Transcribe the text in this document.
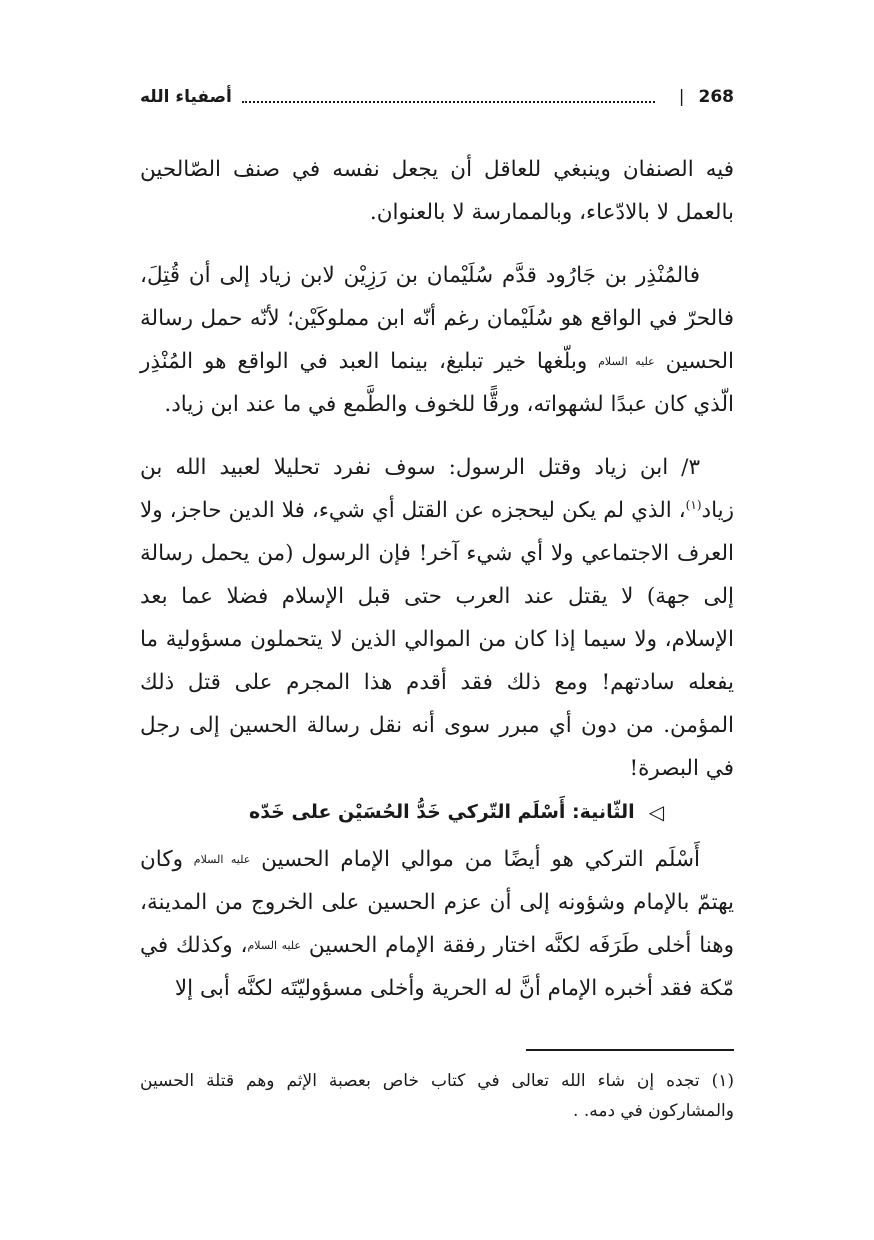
أصفياء الله	| 268

فيه الصنفان وينبغي للعاقل أن يجعل نفسه في صنف الصّالحين بالعمل لا بالادّعاء، وبالممارسة لا بالعنوان.

فالمُنْذِر بن جَارُود قدَّم سُلَيْمان بن رَزِيْن لابن زياد إلى أن قُتِلَ، فالحرّ في الواقع هو سُلَيْمان رغم أنّه ابن مملوكَيْن؛ لأنّه حمل رسالة الحسين عليه السلام وبلّغها خير تبليغ، بينما العبد في الواقع هو المُنْذِر الّذي كان عبدًا لشهواته، ورقًّا للخوف والطَّمع في ما عند ابن زياد.

٣/ ابن زياد وقتل الرسول: سوف نفرد تحليلا لعبيد الله بن زياد$^{(١)}$، الذي لم يكن ليحجزه عن القتل أي شيء، فلا الدين حاجز، ولا العرف الاجتماعي ولا أي شيء آخر! فإن الرسول (من يحمل رسالة إلى جهة) لا يقتل عند العرب حتى قبل الإسلام فضلا عما بعد الإسلام، ولا سيما إذا كان من الموالي الذين لا يتحملون مسؤولية ما يفعله سادتهم! ومع ذلك فقد أقدم هذا المجرم على قتل ذلك المؤمن. من دون أي مبرر سوى أنه نقل رسالة الحسين إلى رجل في البصرة!

◁
الثّانية: أَسْلَم التّركي خَدُّ الحُسَيْن على خَدّه

أَسْلَم التركي هو أيضًا من موالي الإمام الحسين عليه السلام وكان يهتمّ بالإمام وشؤونه إلى أن عزم الحسين على الخروج من المدينة، وهنا أخلى طَرَفَه لكنَّه اختار رفقة الإمام الحسين عليه السلام، وكذلك في مّكة فقد أخبره الإمام أنَّ له الحرية وأخلى مسؤوليّتَه لكنَّه أبى إلا

(١) تجده إن شاء الله تعالى في كتاب خاص بعصبة الإثم وهم قتلة الحسين والمشاركون في دمه. .
